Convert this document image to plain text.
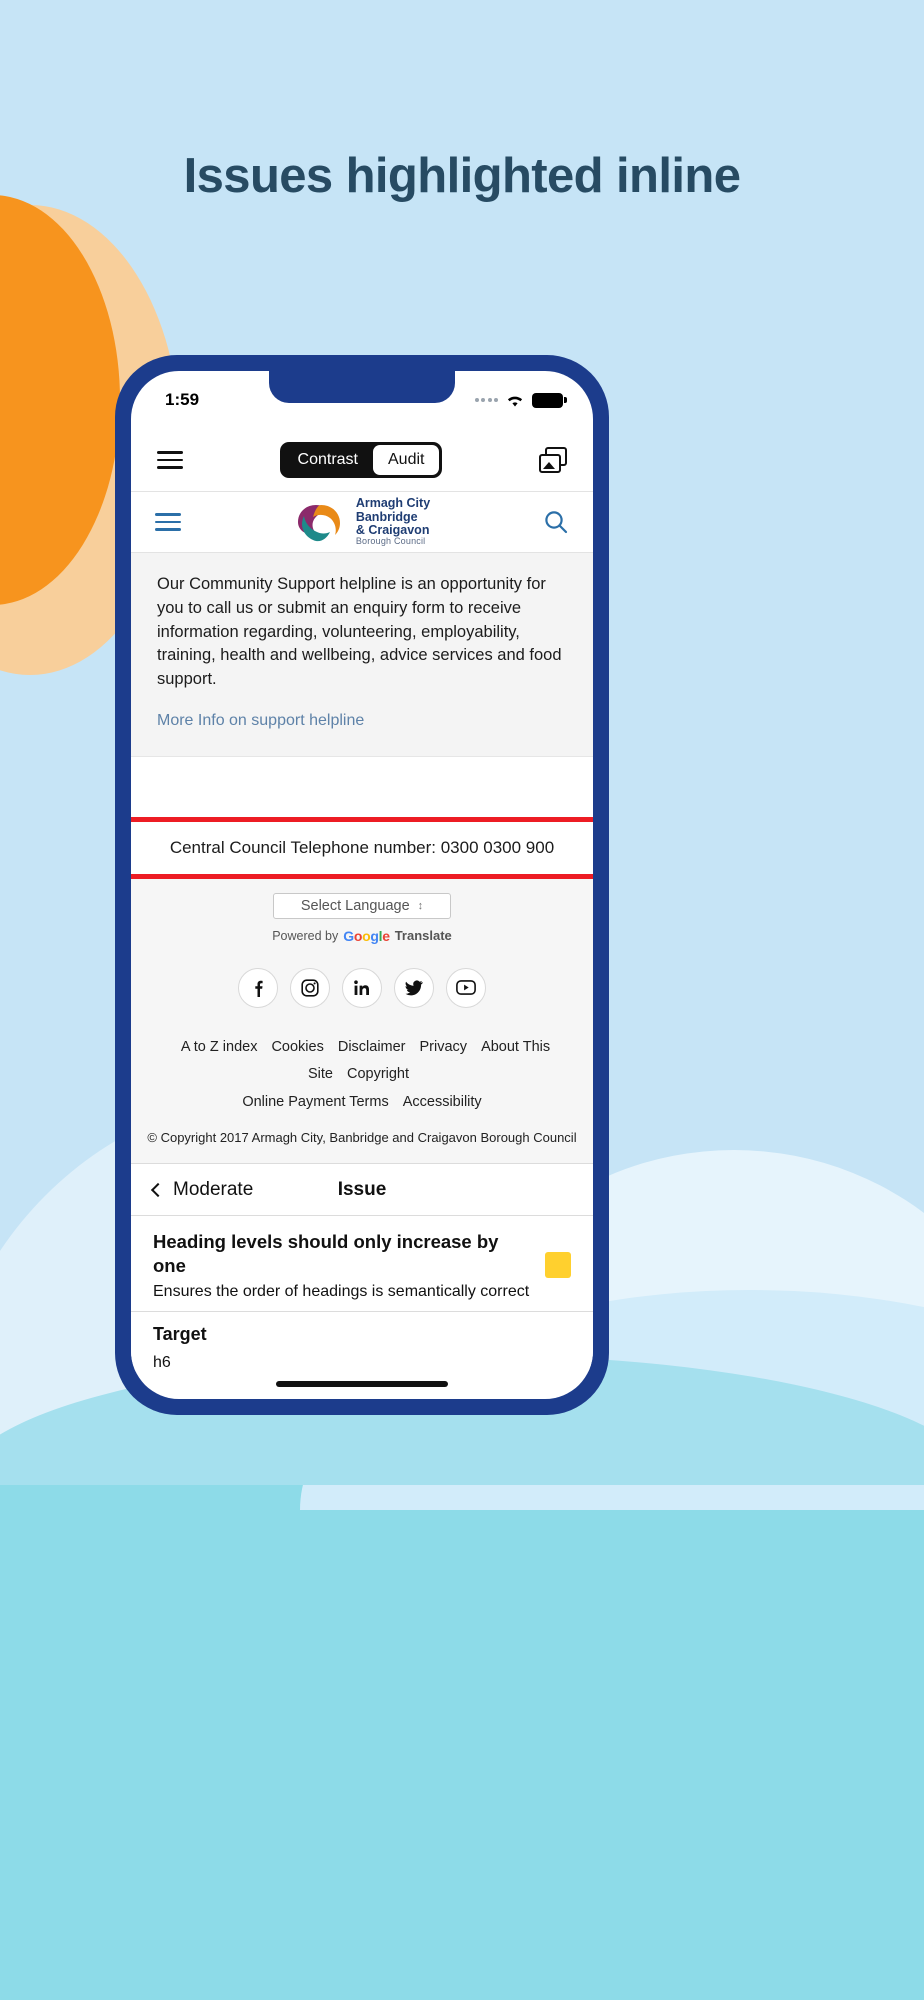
Issues highlighted inline
1:59
Contrast	Audit
Armagh City
Banbridge
& Craigavon
Borough Council

Our Community Support helpline is an opportunity for you to call us or submit an enquiry form to receive information regarding, volunteering, employability, training, health and wellbeing, advice services and food support.

More Info on support helpline
Central Council Telephone number: 0300 0300 900
Select Language ↕
Powered by Google Translate
A to Z index Cookies Disclaimer Privacy About This Site Copyright
Online Payment Terms Accessibility
© Copyright 2017 Armagh City, Banbridge and Craigavon Borough Council
Moderate	Issue
Heading levels should only increase by one
Ensures the order of headings is semantically correct
Target
h6
